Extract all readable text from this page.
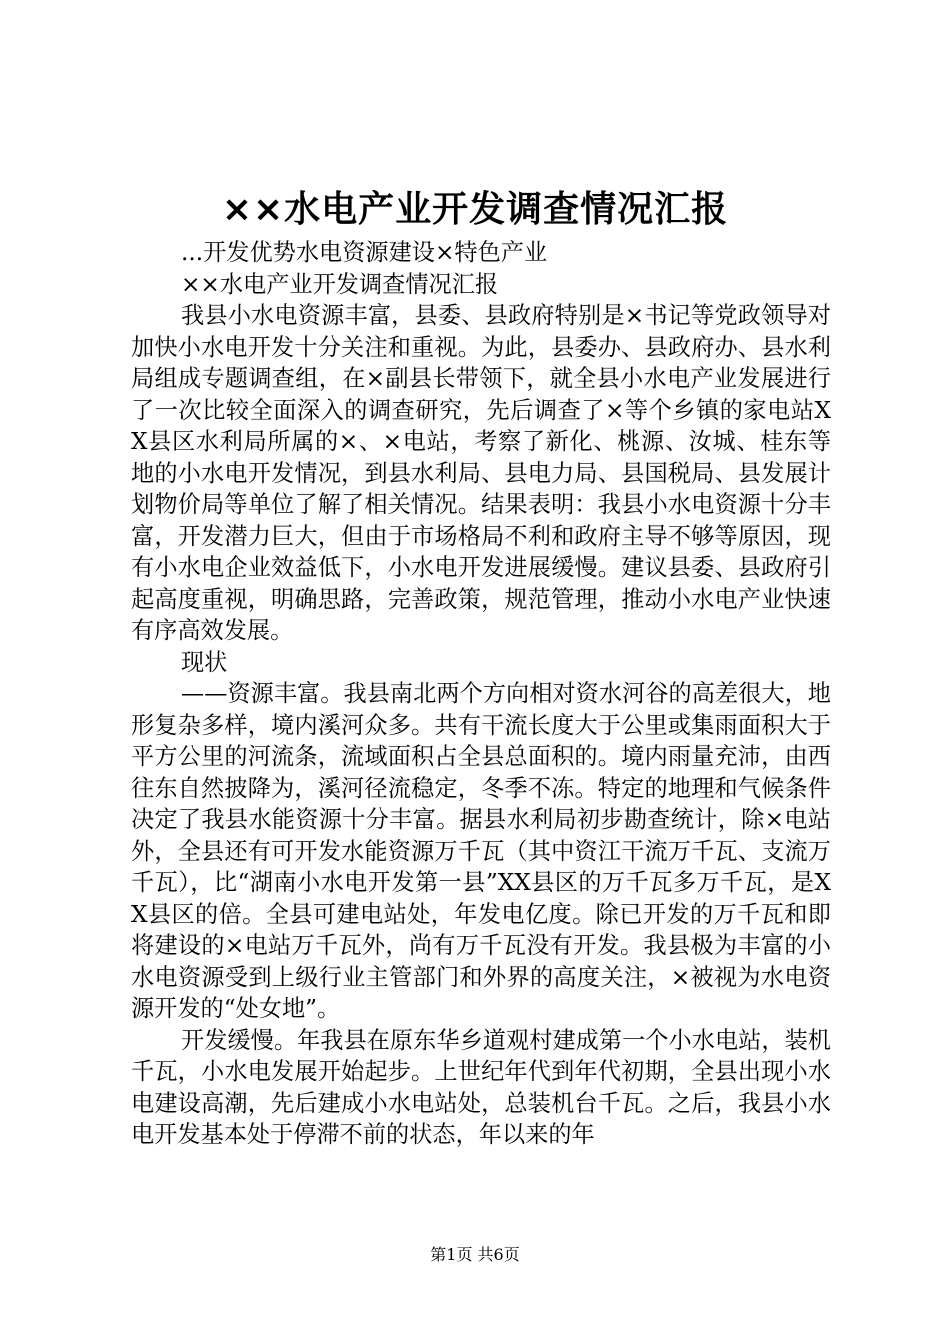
××水电产业开发调查情况汇报

...开发优势水电资源建设×特色产业

××水电产业开发调查情况汇报

我县小水电资源丰富，县委、县政府特别是×书记等党政领导对加快小水电开发十分关注和重视。为此，县委办、县政府办、县水利局组成专题调查组，在×副县长带领下，就全县小水电产业发展进行了一次比较全面深入的调查研究，先后调查了×等个乡镇的家电站XX县区水利局所属的×、×电站，考察了新化、桃源、汝城、桂东等地的小水电开发情况，到县水利局、县电力局、县国税局、县发展计划物价局等单位了解了相关情况。结果表明：我县小水电资源十分丰富，开发潜力巨大，但由于市场格局不利和政府主导不够等原因，现有小水电企业效益低下，小水电开发进展缓慢。建议县委、县政府引起高度重视，明确思路，完善政策，规范管理，推动小水电产业快速有序高效发展。

现状

——资源丰富。我县南北两个方向相对资水河谷的高差很大，地形复杂多样，境内溪河众多。共有干流长度大于公里或集雨面积大于平方公里的河流条，流域面积占全县总面积的。境内雨量充沛，由西往东自然披降为，溪河径流稳定，冬季不冻。特定的地理和气候条件决定了我县水能资源十分丰富。据县水利局初步勘查统计，除×电站外，全县还有可开发水能资源万千瓦（其中资江干流万千瓦、支流万千瓦），比“湖南小水电开发第一县”XX县区的万千瓦多万千瓦，是XX县区的倍。全县可建电站处，年发电亿度。除已开发的万千瓦和即将建设的×电站万千瓦外，尚有万千瓦没有开发。我县极为丰富的小水电资源受到上级行业主管部门和外界的高度关注，×被视为水电资源开发的“处女地”。

开发缓慢。年我县在原东华乡道观村建成第一个小水电站，装机千瓦，小水电发展开始起步。上世纪年代到年代初期，全县出现小水电建设高潮，先后建成小水电站处，总装机台千瓦。之后，我县小水电开发基本处于停滞不前的状态，年以来的年

第1页 共6页
